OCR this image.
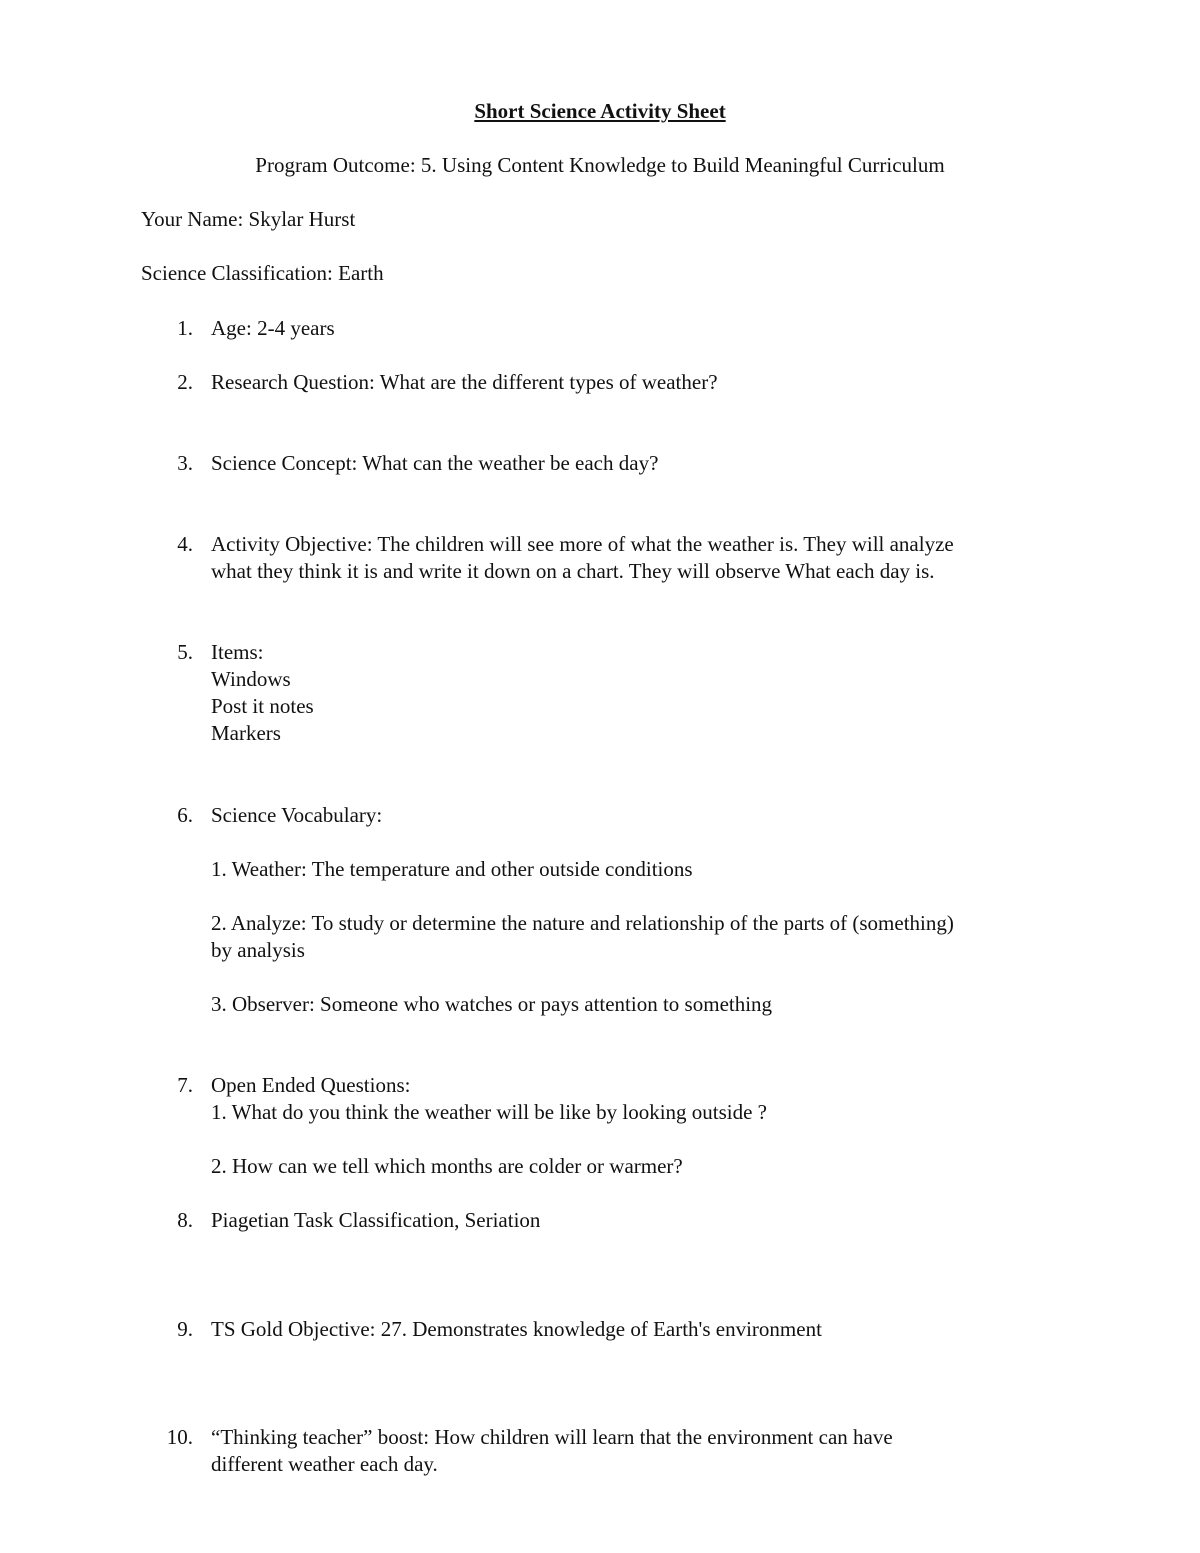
Short Science Activity Sheet

Program Outcome: 5. Using Content Knowledge to Build Meaningful Curriculum

Your Name: Skylar Hurst

Science Classification: Earth

1. Age: 2-4 years

2. Research Question: What are the different types of weather?

3. Science Concept: What can the weather be each day?

4. Activity Objective: The children will see more of what the weather is. They will analyze

what they think it is and write it down on a chart. They will observe What each day is.

5. Items:

Windows

Post it notes

Markers

6. Science Vocabulary:

1. Weather: The temperature and other outside conditions

2. Analyze: To study or determine the nature and relationship of the parts of (something)

by analysis

3. Observer: Someone who watches or pays attention to something

7. Open Ended Questions:

1. What do you think the weather will be like by looking outside ?

2. How can we tell which months are colder or warmer?

8. Piagetian Task Classification, Seriation

9. TS Gold Objective: 27. Demonstrates knowledge of Earth's environment

10. “Thinking teacher” boost: How children will learn that the environment can have

different weather each day.
